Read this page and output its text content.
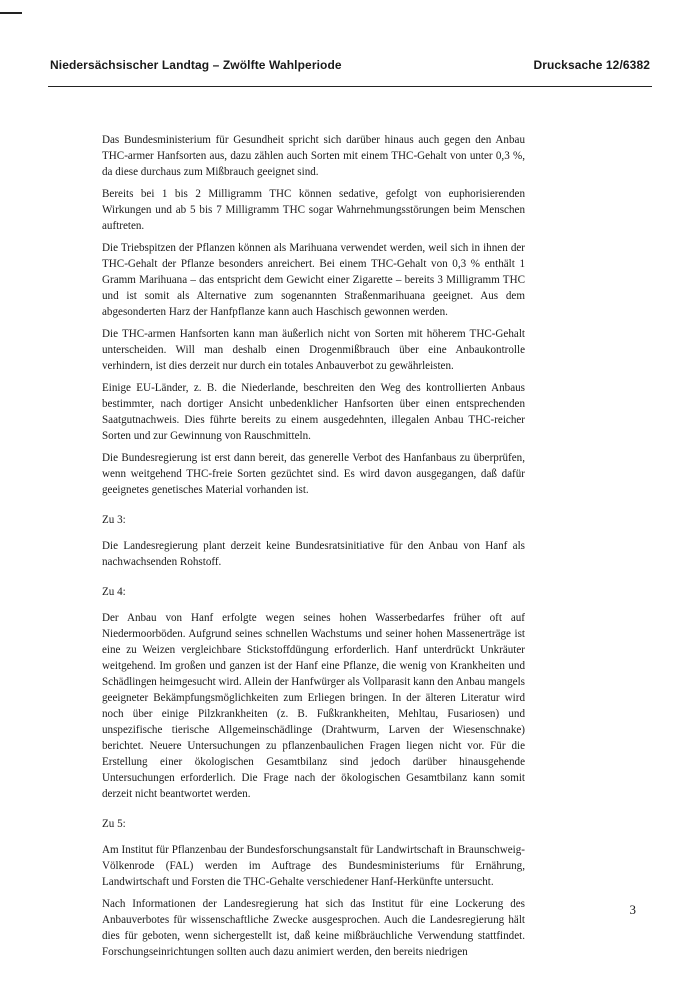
Niedersächsischer Landtag – Zwölfte Wahlperiode	Drucksache 12/6382

Das Bundesministerium für Gesundheit spricht sich darüber hinaus auch gegen den Anbau THC-armer Hanfsorten aus, dazu zählen auch Sorten mit einem THC-Gehalt von unter 0,3 %, da diese durchaus zum Mißbrauch geeignet sind.

Bereits bei 1 bis 2 Milligramm THC können sedative, gefolgt von euphorisierenden Wirkungen und ab 5 bis 7 Milligramm THC sogar Wahrnehmungsstörungen beim Menschen auftreten.

Die Triebspitzen der Pflanzen können als Marihuana verwendet werden, weil sich in ihnen der THC-Gehalt der Pflanze besonders anreichert. Bei einem THC-Gehalt von 0,3 % enthält 1 Gramm Marihuana – das entspricht dem Gewicht einer Zigarette – bereits 3 Milligramm THC und ist somit als Alternative zum sogenannten Straßenmarihuana geeignet. Aus dem abgesonderten Harz der Hanfpflanze kann auch Haschisch gewonnen werden.

Die THC-armen Hanfsorten kann man äußerlich nicht von Sorten mit höherem THC-Gehalt unterscheiden. Will man deshalb einen Drogenmißbrauch über eine Anbaukontrolle verhindern, ist dies derzeit nur durch ein totales Anbauverbot zu gewährleisten.

Einige EU-Länder, z. B. die Niederlande, beschreiten den Weg des kontrollierten Anbaus bestimmter, nach dortiger Ansicht unbedenklicher Hanfsorten über einen entsprechenden Saatgutnachweis. Dies führte bereits zu einem ausgedehnten, illegalen Anbau THC-reicher Sorten und zur Gewinnung von Rauschmitteln.

Die Bundesregierung ist erst dann bereit, das generelle Verbot des Hanfanbaus zu überprüfen, wenn weitgehend THC-freie Sorten gezüchtet sind. Es wird davon ausgegangen, daß dafür geeignetes genetisches Material vorhanden ist.

Zu 3:

Die Landesregierung plant derzeit keine Bundesratsinitiative für den Anbau von Hanf als nachwachsenden Rohstoff.

Zu 4:

Der Anbau von Hanf erfolgte wegen seines hohen Wasserbedarfes früher oft auf Niedermoorböden. Aufgrund seines schnellen Wachstums und seiner hohen Massenerträge ist eine zu Weizen vergleichbare Stickstoffdüngung erforderlich. Hanf unterdrückt Unkräuter weitgehend. Im großen und ganzen ist der Hanf eine Pflanze, die wenig von Krankheiten und Schädlingen heimgesucht wird. Allein der Hanfwürger als Vollparasit kann den Anbau mangels geeigneter Bekämpfungsmöglichkeiten zum Erliegen bringen. In der älteren Literatur wird noch über einige Pilzkrankheiten (z. B. Fußkrankheiten, Mehltau, Fusariosen) und unspezifische tierische Allgemeinschädlinge (Drahtwurm, Larven der Wiesenschnake) berichtet. Neuere Untersuchungen zu pflanzenbaulichen Fragen liegen nicht vor. Für die Erstellung einer ökologischen Gesamtbilanz sind jedoch darüber hinausgehende Untersuchungen erforderlich. Die Frage nach der ökologischen Gesamtbilanz kann somit derzeit nicht beantwortet werden.

Zu 5:

Am Institut für Pflanzenbau der Bundesforschungsanstalt für Landwirtschaft in Braunschweig-Völkenrode (FAL) werden im Auftrage des Bundesministeriums für Ernährung, Landwirtschaft und Forsten die THC-Gehalte verschiedener Hanf-Herkünfte untersucht.

Nach Informationen der Landesregierung hat sich das Institut für eine Lockerung des Anbauverbotes für wissenschaftliche Zwecke ausgesprochen. Auch die Landesregierung hält dies für geboten, wenn sichergestellt ist, daß keine mißbräuchliche Verwendung stattfindet. Forschungseinrichtungen sollten auch dazu animiert werden, den bereits niedrigen

3
